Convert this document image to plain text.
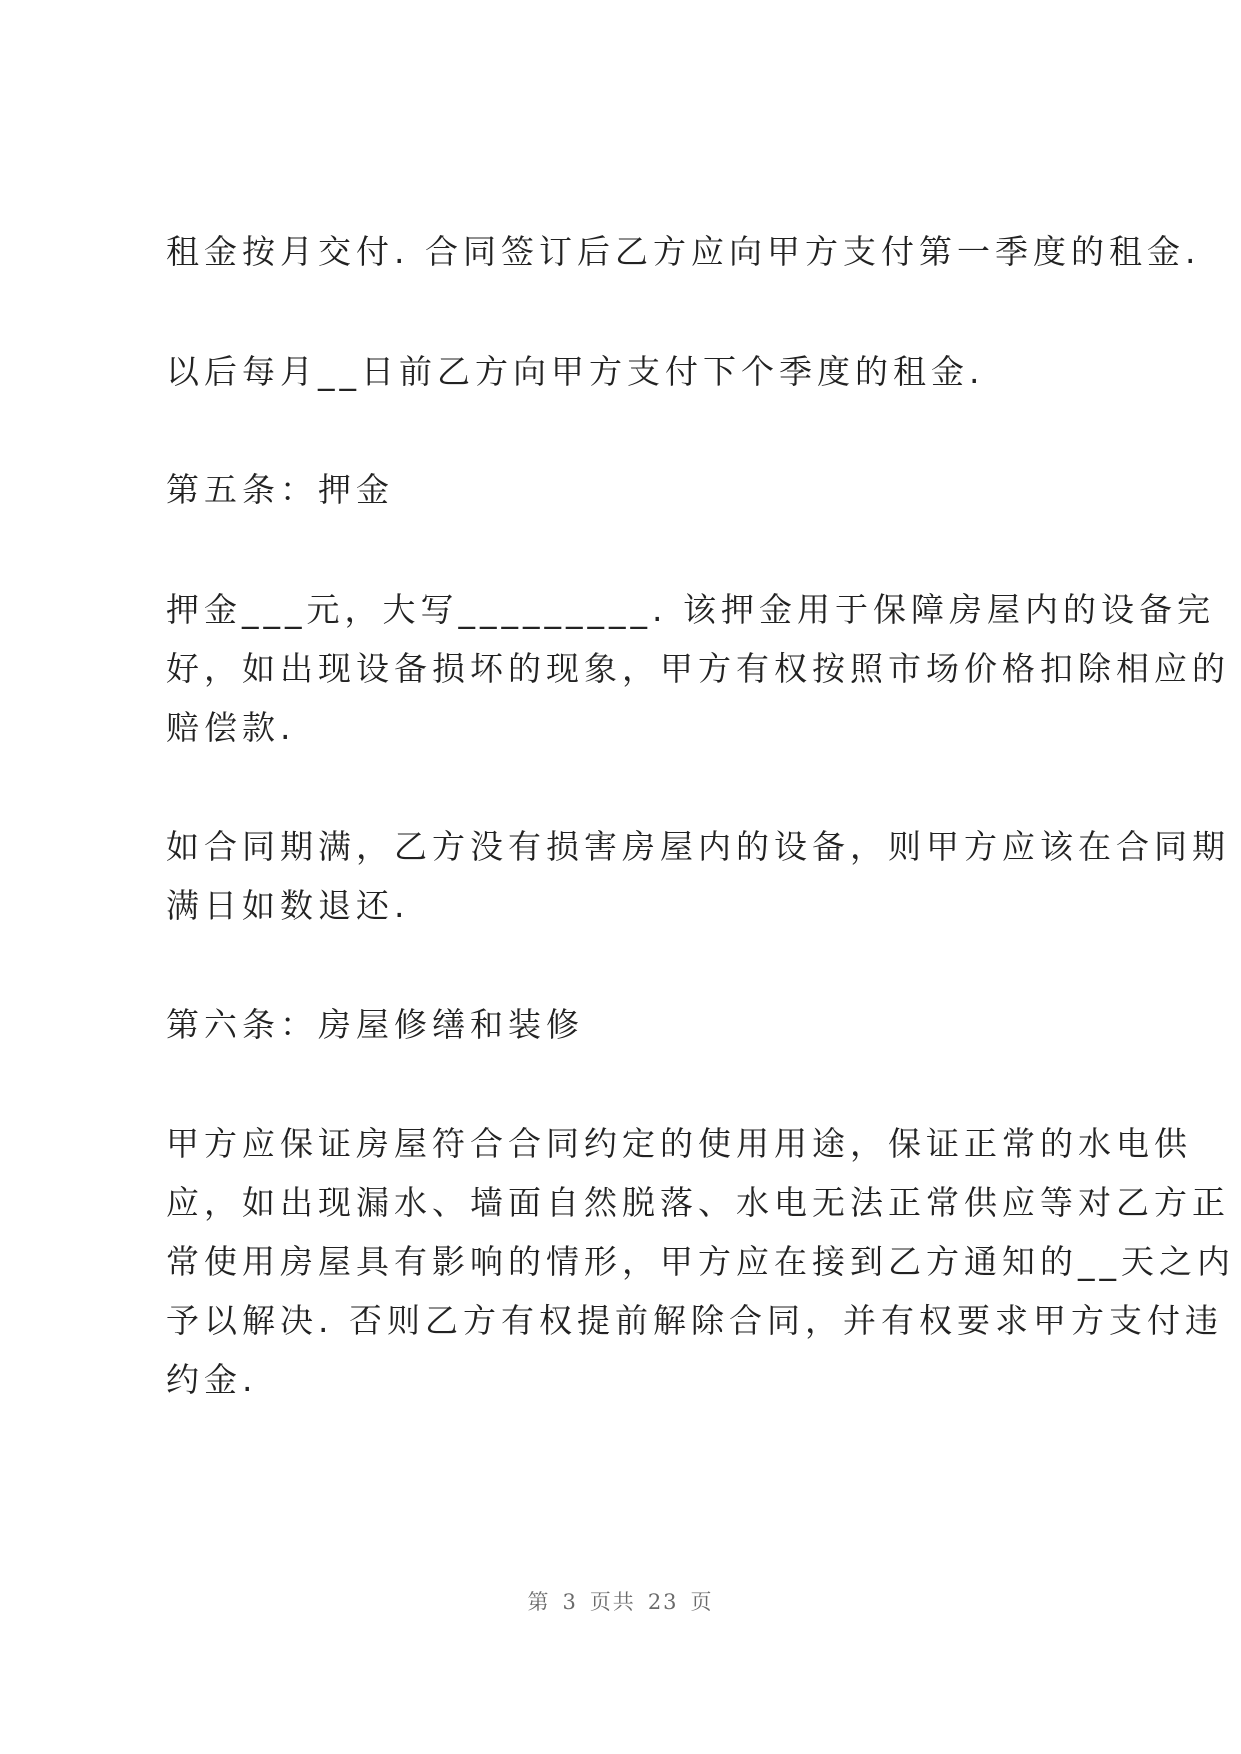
租金按月交付. 合同签订后乙方应向甲方支付第一季度的租金.
以后每月__日前乙方向甲方支付下个季度的租金.
第五条：押金
押金___元，大写_________. 该押金用于保障房屋内的设备完
好，如出现设备损坏的现象，甲方有权按照市场价格扣除相应的
赔偿款.
如合同期满，乙方没有损害房屋内的设备，则甲方应该在合同期
满日如数退还.
第六条：房屋修缮和装修
甲方应保证房屋符合合同约定的使用用途，保证正常的水电供
应，如出现漏水、墙面自然脱落、水电无法正常供应等对乙方正
常使用房屋具有影响的情形，甲方应在接到乙方通知的__天之内
予以解决. 否则乙方有权提前解除合同，并有权要求甲方支付违
约金.
第 3 页共 23 页
